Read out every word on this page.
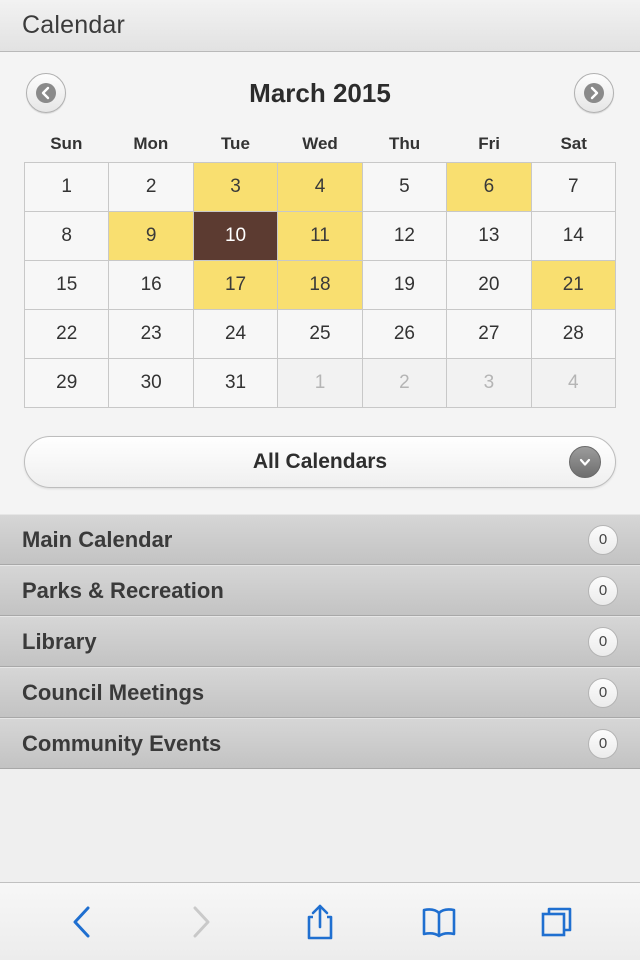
Calendar
March 2015
Sun	Mon	Tue	Wed	Thu	Fri	Sat
1	2	3	4	5	6	7
8	9	10	11	12	13	14
15	16	17	18	19	20	21
22	23	24	25	26	27	28
29	30	31	1	2	3	4
All Calendars
Main Calendar	0
Parks & Recreation	0
Library	0
Council Meetings	0
Community Events	0
